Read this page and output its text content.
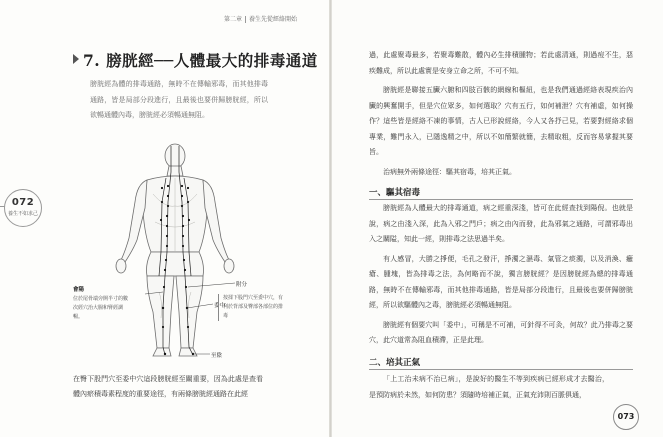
第二章 養生先從經絡開始
7. 膀胱經──人體最大的排毒通道
膀胱經為體的排毒通路，無時不在傳輸邪毒，而其他排毒通路，皆是局部分段進行，且最後也要併歸膀胱經，所以欲暢通體內毒，膀胱經必須暢通無阻。
072
養生不如求己
附分
委中
至陰
會陽
位於尾骨端旁開半寸的數次經穴治大腸和腎經調暢。
按揉下股門穴至委中穴，有利於背部及臀部各部位的排毒
在臀下股門穴至委中穴這段膀胱經至關重要，因為此處是查看體內瘀積毒素程度的重要途徑，有兩條膀胱經通路在此經

過，此處聚毒最多，若聚毒難散，體內必生排積腫物；若此處清通，則過痘不生，惡疾難成，所以此處實是安身立命之所，不可不知。

膀胱經是聯接五臟六腑和四肢百骸的網線和樞紐，也是我們通過經絡表現疾治內臟的興奮開手，但是穴位眾多，如何選取？穴有五行，如何補泄？穴有補虛，如何操作？這些皆是經絡不凍的事情，古人已形說經絡，今人又各抒己見，若要對經絡求個專業，難門永入，已隱逸精之中，所以不如簡繁就簡，去精取粗，反而容易掌握其要旨。

治病無外兩條途徑：驅其宿毒，培其正氣。

一、驅其宿毒

膀胱經為人體最大的排毒通道，病之經重深淺，皆可在此經查找到陽倪。也就是說，病之由淺入深，此為入邪之門戶；病之由內而發，此為邪氣之通路，可謂邪毒出入之關隘，知此一經，則排毒之法思過半矣。

有人感冒，大勝之掙便，毛孔之發汗，掙濁之濕毒、氣管之痰濁，以及消渙、癰瘡、腫塊，皆為排毒之法，為何略而不說，獨言膀胱經？是因膀胱經為總的排毒通路，無時不在傳輸邪毒，而其他排毒通路，皆是局部分段進行，且最後也要併歸膀胱經，所以欲驅體內之毒，膀胱經必須暢通無阻。

膀胱經有個要穴叫「委中」，可稱是不可補，可針得不可灸，何故？此乃排毒之要穴，此穴道常為阻血積滯，正是此理。

二、培其正氣

「上工治未病不治已病」，是說好的醫生不等到疾病已經形成才去醫治，是預防病於未然，如何防患？須隨時培補正氣，正氣充沛則百脈俱通，

073
